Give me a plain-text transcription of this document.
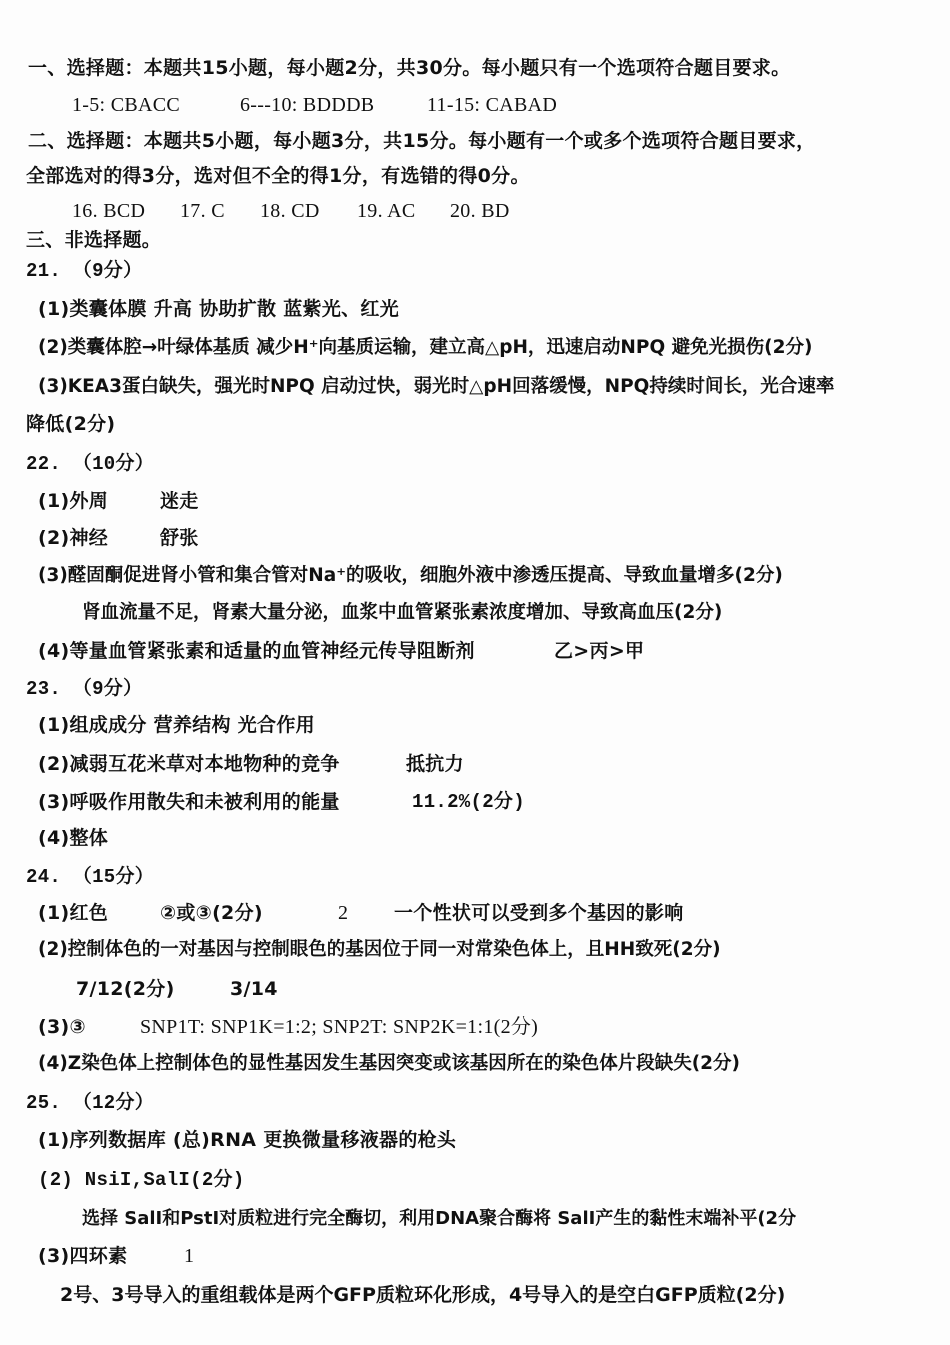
一、选择题：本题共15小题，每小题2分，共30分。每小题只有一个选项符合题目要求。
1-5: CBACC	6---10: BDDDB	11-15: CABAD
二、选择题：本题共5小题，每小题3分，共15分。每小题有一个或多个选项符合题目要求，
全部选对的得3分，选对但不全的得1分，有选错的得0分。
16. BCD 17. C 18. CD 19. AC 20. BD
三、非选择题。
21. （9分）
(1)类囊体膜 升高 协助扩散 蓝紫光、红光
(2)类囊体腔→叶绿体基质 减少H⁺向基质运输，建立高△pH，迅速启动NPQ 避免光损伤(2分)
(3)KEA3蛋白缺失，强光时NPQ 启动过快，弱光时△pH回落缓慢，NPQ持续时间长，光合速率
降低(2分)
22. （10分）
(1)外周	迷走
(2)神经	舒张
(3)醛固酮促进肾小管和集合管对Na⁺的吸收，细胞外液中渗透压提高、导致血量增多(2分)
肾血流量不足，肾素大量分泌，血浆中血管紧张素浓度增加、导致高血压(2分)
(4)等量血管紧张素和适量的血管神经元传导阻断剂	乙>丙>甲
23. （9分）
(1)组成成分 营养结构 光合作用
(2)减弱互花米草对本地物种的竞争	抵抗力
(3)呼吸作用散失和未被利用的能量	11.2%(2分)
(4)整体
24. （15分）
(1)红色	②或③(2分)	2 一个性状可以受到多个基因的影响
(2)控制体色的一对基因与控制眼色的基因位于同一对常染色体上，且HH致死(2分)
7/12(2分)	3/14
(3)③	SNP1T: SNP1K=1:2; SNP2T: SNP2K=1:1(2分)
(4)Z染色体上控制体色的显性基因发生基因突变或该基因所在的染色体片段缺失(2分)
25. （12分）
(1)序列数据库 (总)RNA 更换微量移液器的枪头
(2) NsiI,SalI(2分)
选择 SalI和PstI对质粒进行完全酶切，利用DNA聚合酶将 SalI产生的黏性末端补平(2分
(3)四环素	1
2号、3号导入的重组载体是两个GFP质粒环化形成，4号导入的是空白GFP质粒(2分)
